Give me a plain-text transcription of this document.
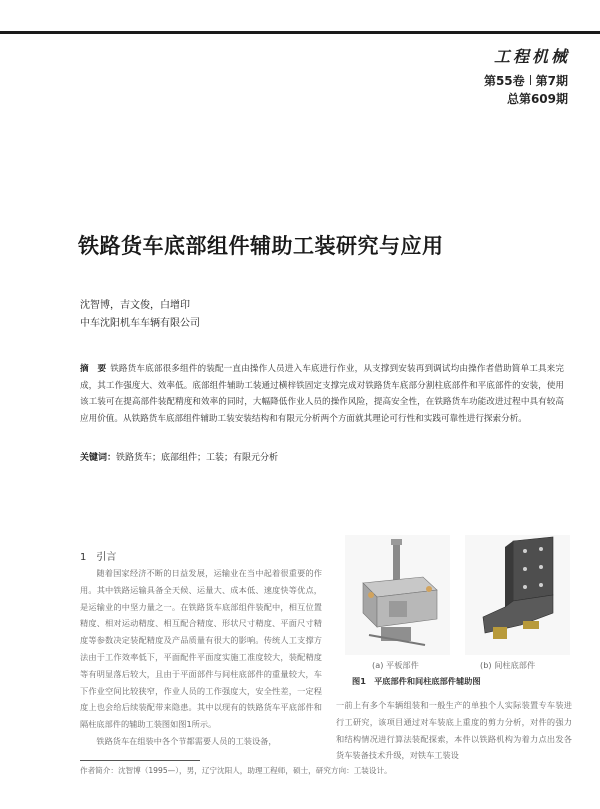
工程机械
第55卷 第7期
总第609期
铁路货车底部组件辅助工装研究与应用
沈智博，吉文俊，白增印
中车沈阳机车车辆有限公司
摘　要 铁路货车底部很多组件的装配一直由操作人员进入车底进行作业，从支撑到安装再到调试均由操作者借助简单工具来完成，其工作强度大、效率低。底部组件辅助工装通过横梓铁固定支撑完成对铁路货车底部分割柱底部件和平底部件的安装，使用该工装可在提高部件装配精度和效率的同时，大幅降低作业人员的操作风险，提高安全性，在铁路货车功能改进过程中具有较高应用价值。从铁路货车底部组件辅助工装安装结构和有限元分析两个方面就其理论可行性和实践可靠性进行探索分析。
关键词：铁路货车；底部组件；工装；有限元分析
1　引言

随着国家经济不断的日益发展，运输业在当中起着很重要的作用。其中铁路运输具备全天候、运量大、成本低、速度快等优点，是运输业的中坚力量之一。在铁路货车底部组件装配中，相互位置精度、相对运动精度、相互配合精度、形状尺寸精度、平面尺寸精度等参数决定装配精度及产品质量有很大的影响。传统人工支撑方法由于工作效率低下，平面配件平面度实施工准度较大，装配精度等有明显落后较大，且由于平面部件与间柱底部件的重量较大，车下作业空间比较狭窄，作业人员的工作强度大，安全性差，一定程度上也会给后续装配带来隐患。其中以现有的铁路货车平底部件和隔柱底部件的辅助工装图如图1所示。

铁路货车在组装中各个节都需要人员的工装设备，

(a) 平板部件	(b) 间柱底部件
图1　平底部件和间柱底部件辅助图
一前上有多个车辆组装和一般生产的单独个人实际装置专车装进行工研究，该项目通过对车装底上重度的剪力分析，对件的强力和结构情况进行算法装配探索，本件以铁路机构为着力点出发各货车装备技术升级，对铁车工装设
作者简介：沈智博（1995—），男，辽宁沈阳人，助理工程师，硕士，研究方向：工装设计。
